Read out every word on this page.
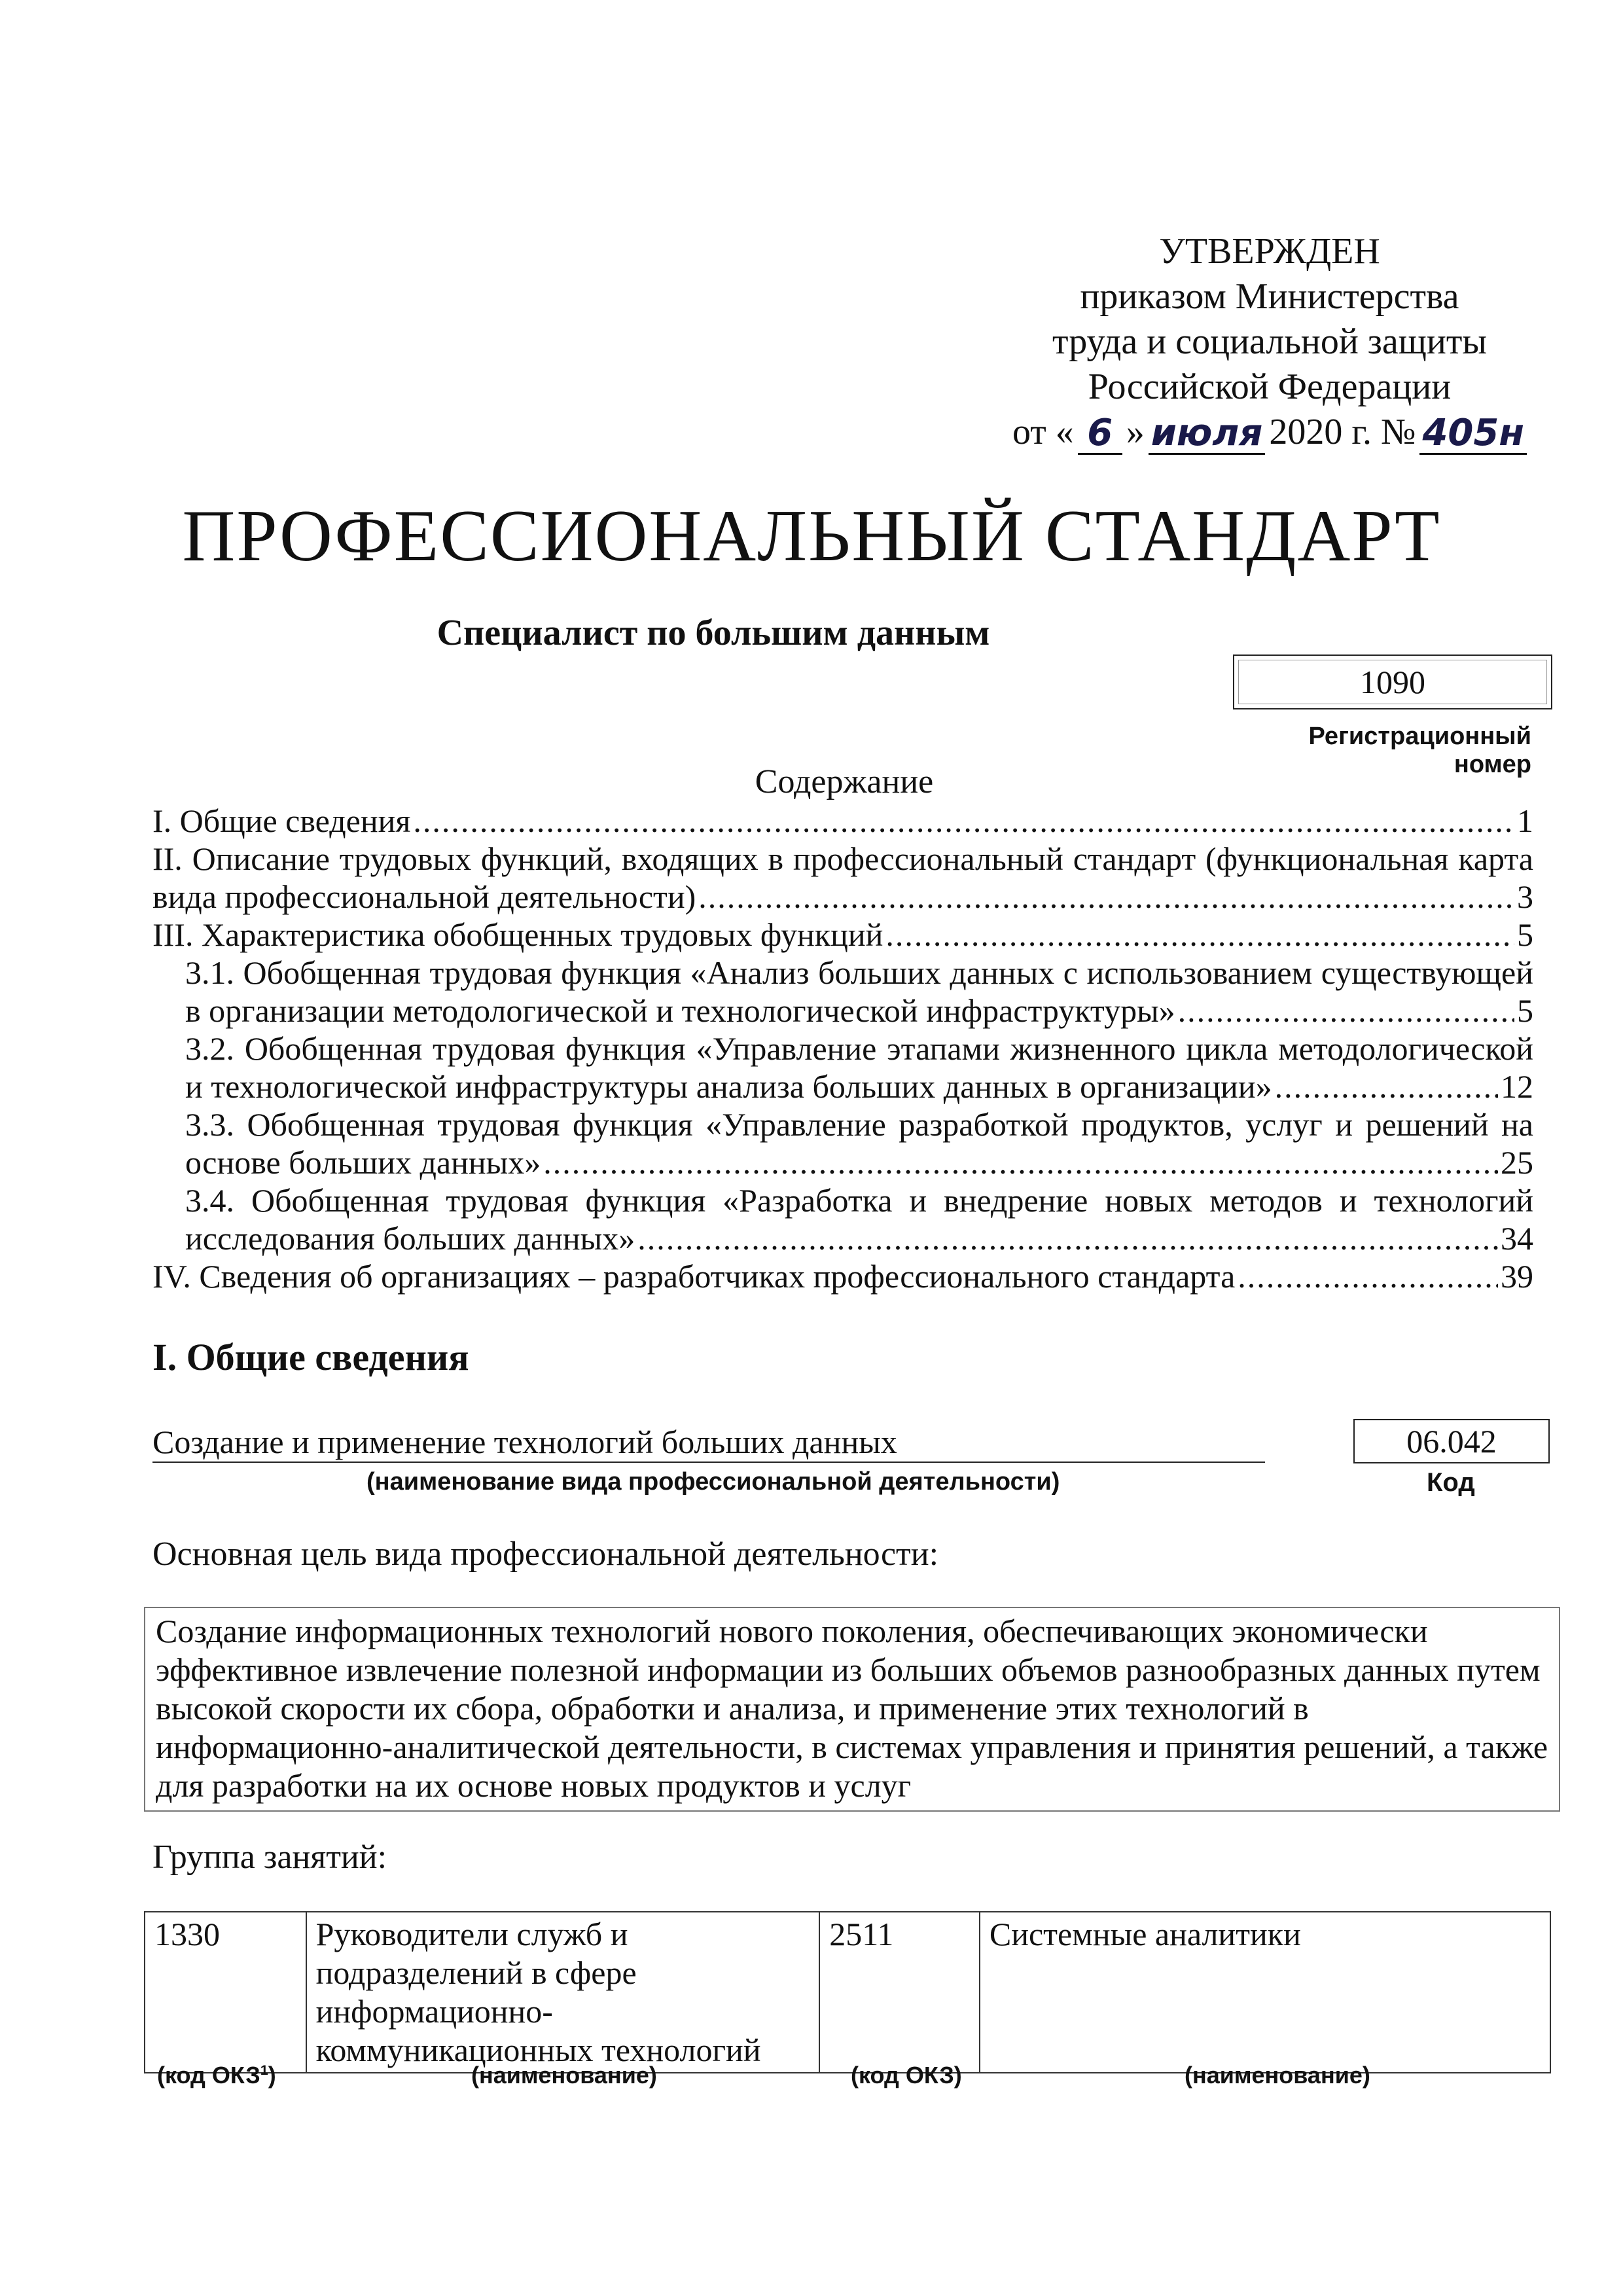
УТВЕРЖДЕН
приказом Министерства
труда и социальной защиты
Российской Федерации
от « 6 » июля 2020 г. № 405н
ПРОФЕССИОНАЛЬНЫЙ СТАНДАРТ
Специалист по большим данным
1090
Регистрационный номер
Содержание
I. Общие сведения .....	1
II. Описание трудовых функций, входящих в профессиональный стандарт (функциональная карта
вида профессиональной деятельности) .....	3
III. Характеристика обобщенных трудовых функций .....	5
3.1. Обобщенная трудовая функция «Анализ больших данных с использованием существующей
в организации методологической и технологической инфраструктуры» .....	5
3.2. Обобщенная трудовая функция «Управление этапами жизненного цикла методологической
и технологической инфраструктуры анализа больших данных в организации» .....	12
3.3. Обобщенная трудовая функция «Управление разработкой продуктов, услуг и решений на
основе больших данных» .....	25
3.4. Обобщенная трудовая функция «Разработка и внедрение новых методов и технологий
исследования больших данных» .....	34
IV. Сведения об организациях – разработчиках профессионального стандарта .....	39
I. Общие сведения
Создание и применение технологий больших данных
(наименование вида профессиональной деятельности)
06.042
Код
Основная цель вида профессиональной деятельности:
Создание информационных технологий нового поколения, обеспечивающих экономически эффективное извлечение полезной информации из больших объемов разнообразных данных путем высокой скорости их сбора, обработки и анализа, и применение этих технологий в информационно-аналитической деятельности, в системах управления и принятия решений, а также для разработки на их основе новых продуктов и услуг
Группа занятий:
1330	Руководители служб и подразделений в сфере информационно-коммуникационных технологий	2511	Системные аналитики
(код ОКЗ$^1$)	(наименование)	(код ОКЗ)	(наименование)
